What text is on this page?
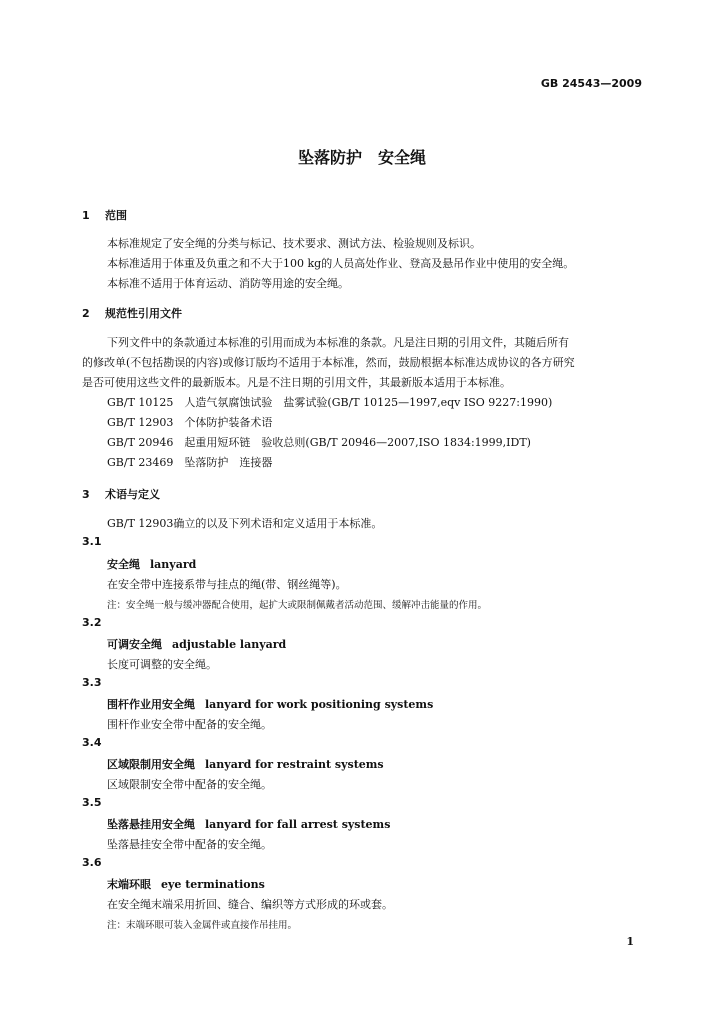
GB 24543—2009
坠落防护　安全绳
1 范围
本标准规定了安全绳的分类与标记、技术要求、测试方法、检验规则及标识。
本标准适用于体重及负重之和不大于100 kg的人员高处作业、登高及悬吊作业中使用的安全绳。
本标准不适用于体育运动、消防等用途的安全绳。
2 规范性引用文件
下列文件中的条款通过本标准的引用而成为本标准的条款。凡是注日期的引用文件，其随后所有
的修改单(不包括勘误的内容)或修订版均不适用于本标准，然而，鼓励根据本标准达成协议的各方研究
是否可使用这些文件的最新版本。凡是不注日期的引用文件，其最新版本适用于本标准。
GB/T 10125　人造气氛腐蚀试验　盐雾试验(GB/T 10125—1997,eqv ISO 9227:1990)
GB/T 12903　个体防护装备术语
GB/T 20946　起重用短环链　验收总则(GB/T 20946—2007,ISO 1834:1999,IDT)
GB/T 23469　坠落防护　连接器
3 术语与定义
GB/T 12903确立的以及下列术语和定义适用于本标准。
3.1
安全绳 lanyard
在安全带中连接系带与挂点的绳(带、钢丝绳等)。
注：安全绳一般与缓冲器配合使用，起扩大或限制佩戴者活动范围、缓解冲击能量的作用。
3.2
可调安全绳 adjustable lanyard
长度可调整的安全绳。
3.3
围杆作业用安全绳 lanyard for work positioning systems
围杆作业安全带中配备的安全绳。
3.4
区域限制用安全绳 lanyard for restraint systems
区域限制安全带中配备的安全绳。
3.5
坠落悬挂用安全绳 lanyard for fall arrest systems
坠落悬挂安全带中配备的安全绳。
3.6
末端环眼 eye terminations
在安全绳末端采用折回、缝合、编织等方式形成的环或套。
注：末端环眼可装入金属件或直接作吊挂用。
1
